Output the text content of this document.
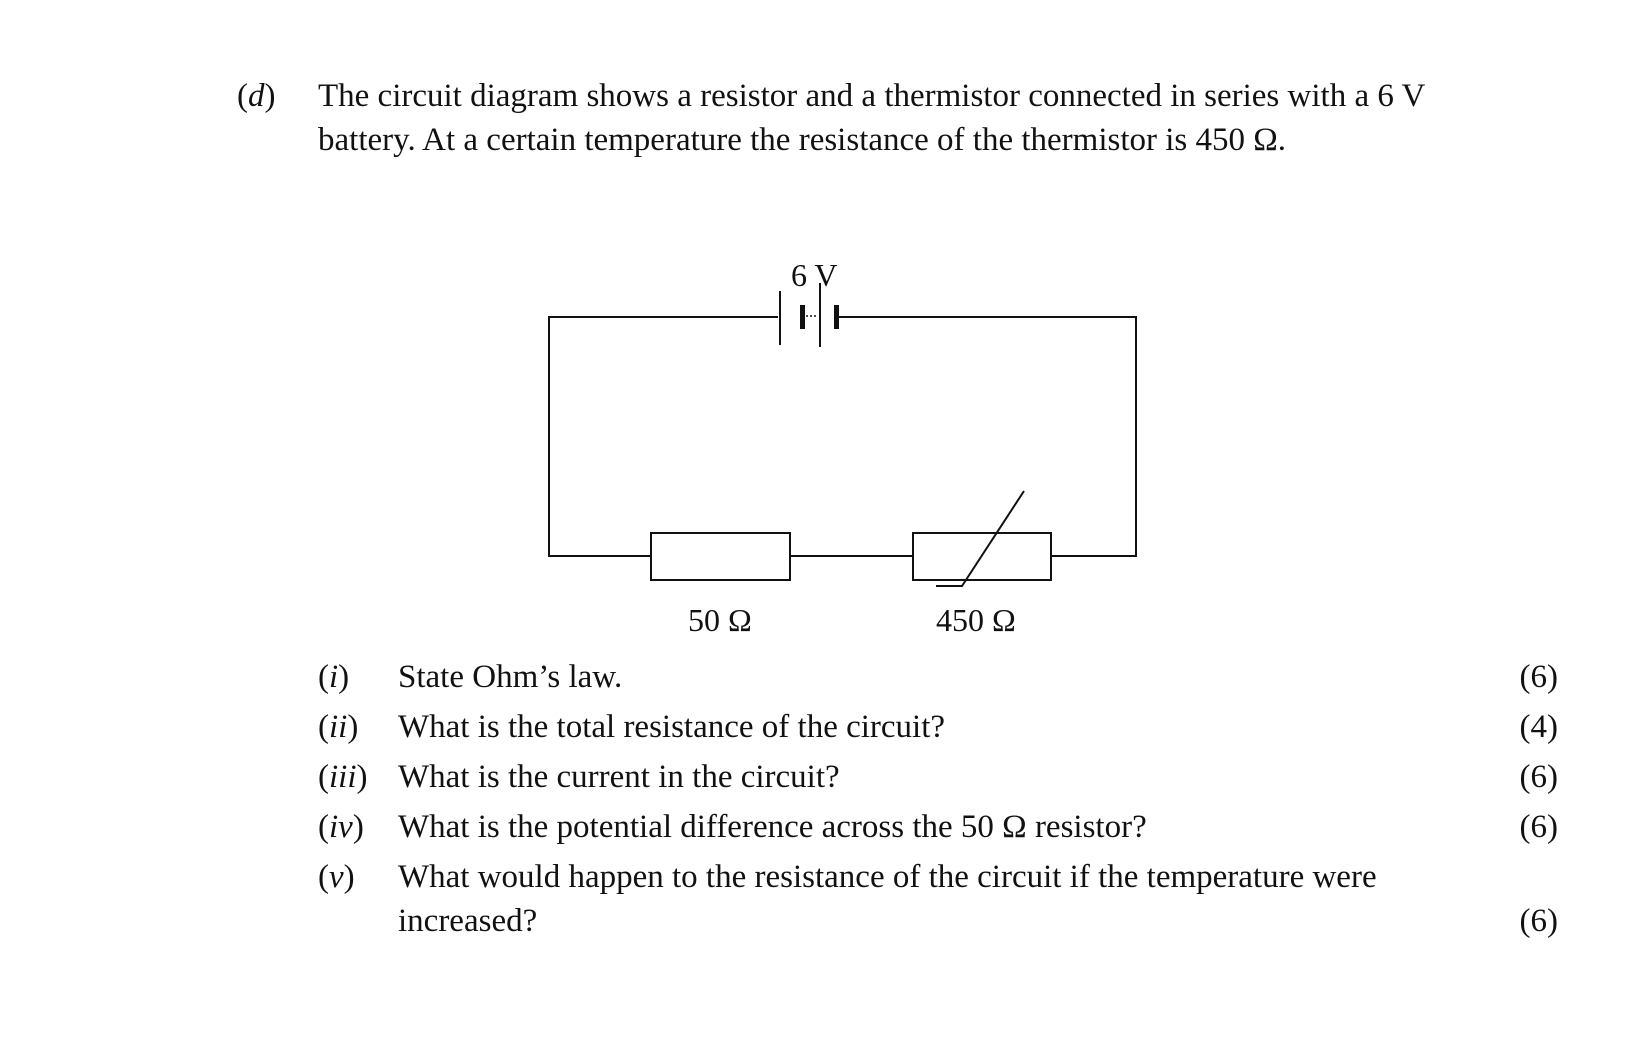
(d) The circuit diagram shows a resistor and a thermistor connected in series with a 6 V
battery. At a certain temperature the resistance of the thermistor is 450 Ω.
6 V
50 Ω	450 Ω
(i) State Ohm’s law.	(6)
(ii) What is the total resistance of the circuit?	(4)
(iii) What is the current in the circuit?	(6)
(iv) What is the potential difference across the 50 Ω resistor?	(6)
(v) What would happen to the resistance of the circuit if the temperature were
increased?	(6)
